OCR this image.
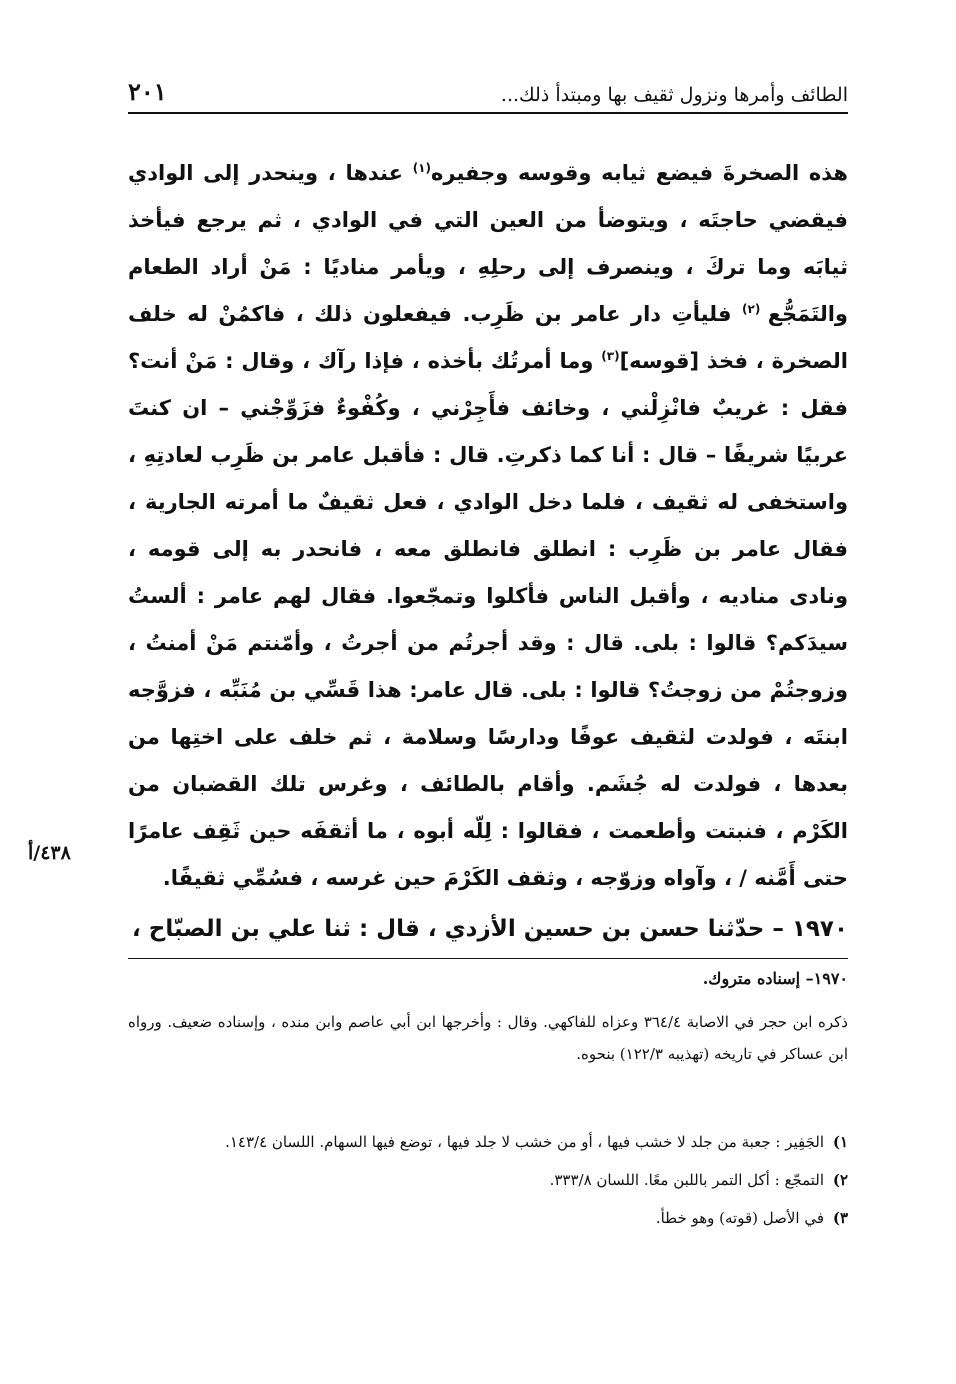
الطائف وأمرها ونزول ثقيف بها ومبتدأ ذلك...
٢٠١

هذه الصخرةَ فيضع ثيابه وقوسه وجفيره$^{(١)}$ عندها ، وينحدر إلى الوادي فيقضي حاجتَه ، ويتوضأ من العين التي في الوادي ، ثم يرجع فيأخذ ثيابَه وما تركَ ، وينصرف إلى رحلِهِ ، ويأمر مناديًا : مَنْ أراد الطعام والتَمَجُّع $^{(٢)}$ فليأتِ دار عامر بن ظَرِب. فيفعلون ذلك ، فاكمُنْ له خلف الصخرة ، فخذ [قوسه]$^{(٣)}$ وما أمرتُك بأخذه ، فإذا رآك ، وقال : مَنْ أنت؟ فقل : غريبٌ فانْزِلْني ، وخائف فأَجِرْني ، وكُفْوءٌ فزَوِّجْني – ان كنتَ عربيًا شريفًا – قال : أنا كما ذكرتِ. قال : فأقبل عامر بن ظَرِب لعادتِهِ ، واستخفى له ثقيف ، فلما دخل الوادي ، فعل ثقيفٌ ما أمرته الجارية ، فقال عامر بن ظَرِب : انطلق فانطلق معه ، فانحدر به إلى قومه ، ونادى مناديه ، وأقبل الناس فأكلوا وتمجّعوا. فقال لهم عامر : ألستُ سيدَكم؟ قالوا : بلى. قال : وقد أجرتُم من أجرتُ ، وأمّنتم مَنْ أمنتُ ، وزوجتُمْ من زوجتُ؟ قالوا : بلى. قال عامر: هذا قَسِّي بن مُنَبِّه ، فزوَّجه ابنتَه ، فولدت لثقيف عوفًا ودارسًا وسلامة ، ثم خلف على اختِها من بعدها ، فولدت له جُشَم. وأقام بالطائف ، وغرس تلك القضبان من الكَرْم ، فنبتت وأطعمت ، فقالوا : لِلّه أبوه ، ما أثقفَه حين ثَقِف عامرًا حتى أَمَّنه / ، وآواه وزوّجه ، وثقف الكَرْمَ حين غرسه ، فسُمِّي ثقيفًا.

٤٣٨/أ

١٩٧٠ – حدّثنا حسن بن حسين الأزدي ، قال : ثنا علي بن الصبّاح ،

١٩٧٠– إسناده متروك.

ذكره ابن حجر في الاصابة ٣٦٤/٤ وعزاه للفاكهي. وقال : وأخرجها ابن أبي عاصم وابن منده ، وإسناده ضعيف. ورواه ابن عساكر في تاريخه (تهذيبه ١٢٢/٣) بنحوه.

١) الجَفِير : جعبة من جلد لا خشب فيها ، أو من خشب لا جلد فيها ، توضع فيها السهام. اللسان ١٤٣/٤.
٢) التمجّع : أكل التمر باللبن معًا. اللسان ٣٣٣/٨.
٣) في الأصل (قوته) وهو خطأ.
